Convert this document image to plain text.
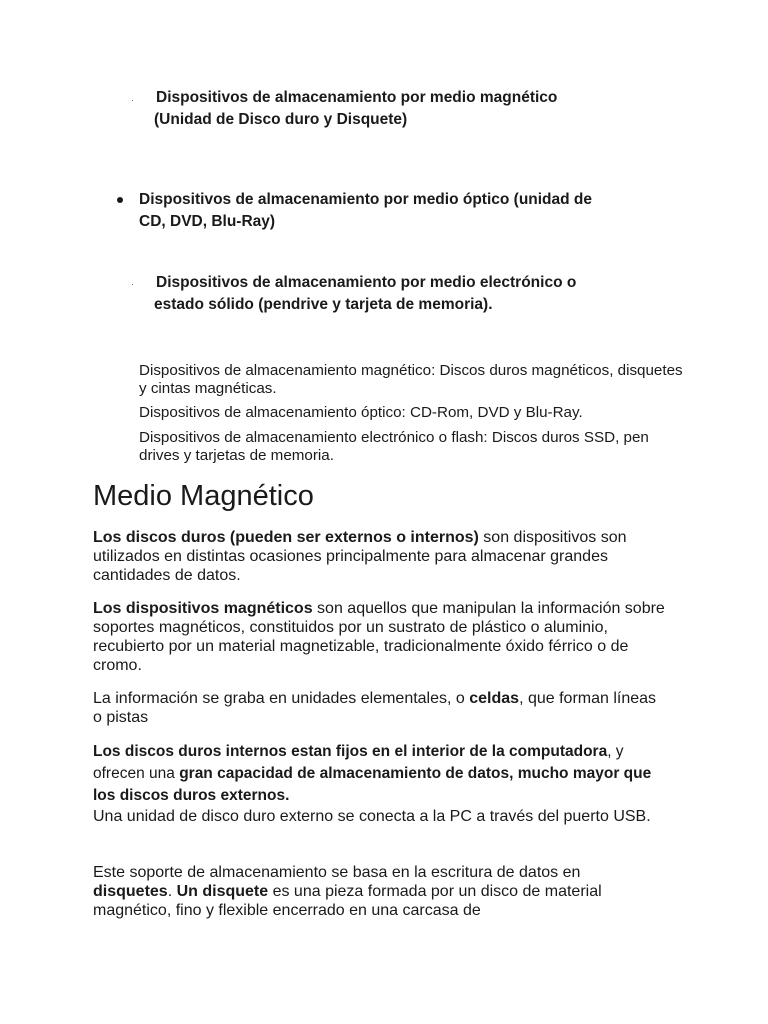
· Dispositivos de almacenamiento por medio magnético
(Unidad de Disco duro y Disquete)
Dispositivos de almacenamiento por medio óptico (unidad de
CD, DVD, Blu-Ray)
· Dispositivos de almacenamiento por medio electrónico o
estado sólido (pendrive y tarjeta de memoria).
Dispositivos de almacenamiento magnético: Discos duros magnéticos, disquetes y cintas magnéticas.
Dispositivos de almacenamiento óptico: CD-Rom, DVD y Blu-Ray.
Dispositivos de almacenamiento electrónico o flash: Discos duros SSD, pen drives y tarjetas de memoria.
Medio Magnético
Los discos duros (pueden ser externos o internos) son dispositivos son utilizados en distintas ocasiones principalmente para almacenar grandes cantidades de datos.
Los dispositivos magnéticos son aquellos que manipulan la información sobre soportes magnéticos, constituidos por un sustrato de plástico o aluminio, recubierto por un material magnetizable, tradicionalmente óxido férrico o de cromo.
La información se graba en unidades elementales, o celdas, que forman líneas o pistas
Los discos duros internos estan fijos en el interior de la computadora, y ofrecen una gran capacidad de almacenamiento de datos, mucho mayor que los discos duros externos.
Una unidad de disco duro externo se conecta a la PC a través del puerto USB.
Este soporte de almacenamiento se basa en la escritura de datos en disquetes. Un disquete es una pieza formada por un disco de material magnético, fino y flexible encerrado en una carcasa de
